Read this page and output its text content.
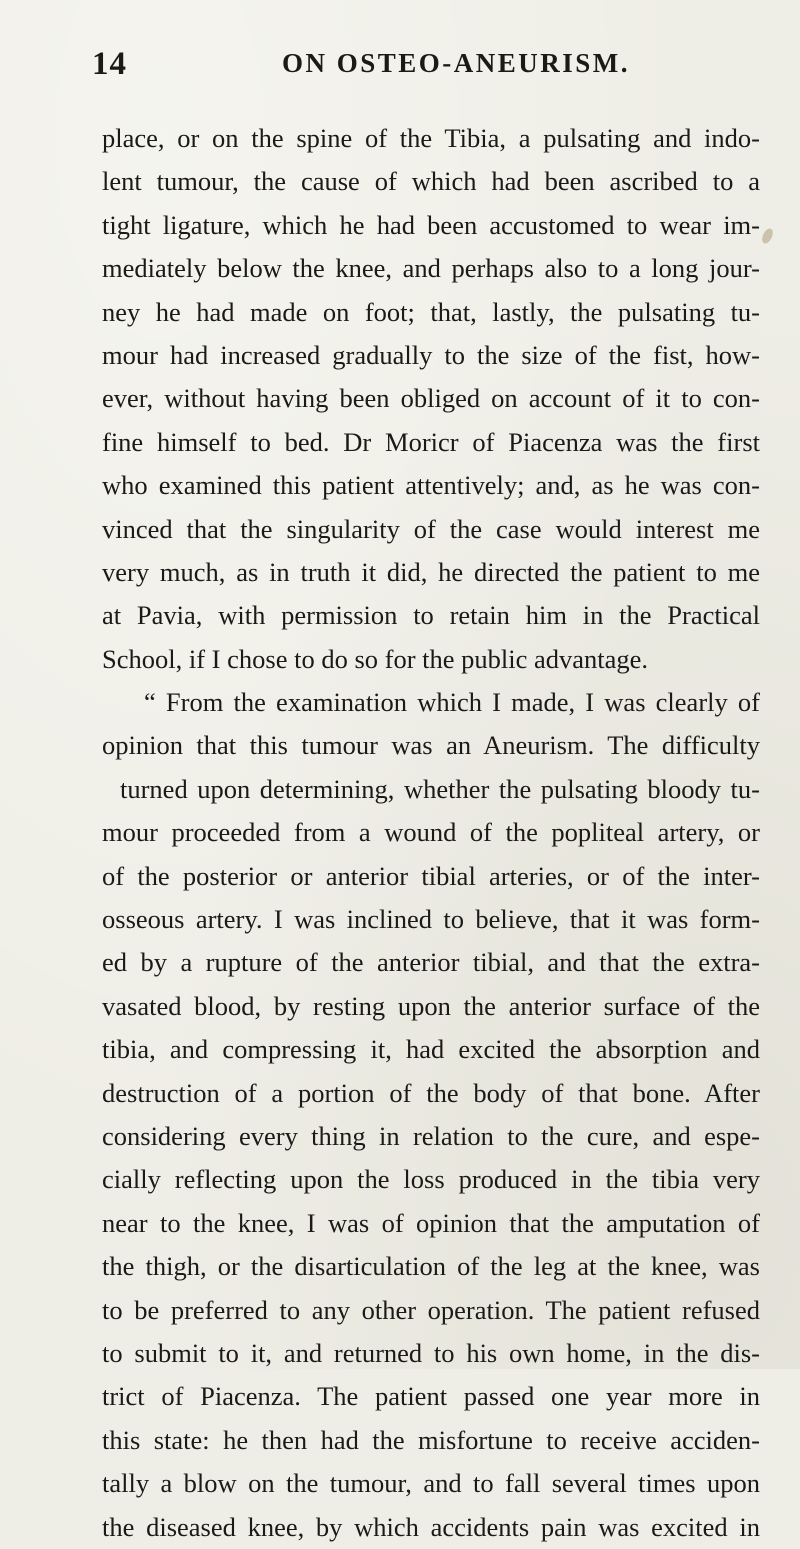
14	ON OSTEO-ANEURISM.
place, or on the spine of the Tibia, a pulsating and indo-
lent tumour, the cause of which had been ascribed to a
tight ligature, which he had been accustomed to wear im-
mediately below the knee, and perhaps also to a long jour-
ney he had made on foot; that, lastly, the pulsating tu-
mour had increased gradually to the size of the fist, how-
ever, without having been obliged on account of it to con-
fine himself to bed. Dr Moricr of Piacenza was the first
who examined this patient attentively; and, as he was con-
vinced that the singularity of the case would interest me
very much, as in truth it did, he directed the patient to me
at Pavia, with permission to retain him in the Practical
School, if I chose to do so for the public advantage.
“ From the examination which I made, I was clearly of
opinion that this tumour was an Aneurism. The difficulty
turned upon determining, whether the pulsating bloody tu-
mour proceeded from a wound of the popliteal artery, or
of the posterior or anterior tibial arteries, or of the inter-
osseous artery. I was inclined to believe, that it was form-
ed by a rupture of the anterior tibial, and that the extra-
vasated blood, by resting upon the anterior surface of the
tibia, and compressing it, had excited the absorption and
destruction of a portion of the body of that bone. After
considering every thing in relation to the cure, and espe-
cially reflecting upon the loss produced in the tibia very
near to the knee, I was of opinion that the amputation of
the thigh, or the disarticulation of the leg at the knee, was
to be preferred to any other operation. The patient refused
to submit to it, and returned to his own home, in the dis-
trict of Piacenza. The patient passed one year more in
this state: he then had the misfortune to receive acciden-
tally a blow on the tumour, and to fall several times upon
the diseased knee, by which accidents pain was excited in
